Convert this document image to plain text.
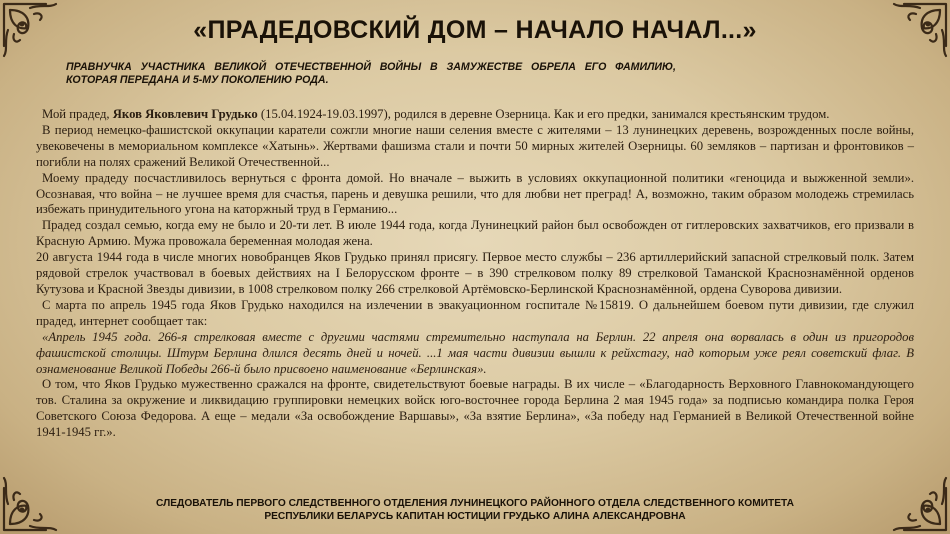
«ПРАДЕДОВСКИЙ ДОМ – НАЧАЛО НАЧАЛ...»
ПРАВНУЧКА УЧАСТНИКА ВЕЛИКОЙ ОТЕЧЕСТВЕННОЙ ВОЙНЫ В ЗАМУЖЕСТВЕ ОБРЕЛА ЕГО ФАМИЛИЮ, КОТОРАЯ ПЕРЕДАНА И 5-МУ ПОКОЛЕНИЮ РОДА.

Мой прадед, Яков Яковлевич Грудько (15.04.1924-19.03.1997), родился в деревне Озерница. Как и его предки, занимался крестьянским трудом.

В период немецко-фашистской оккупации каратели сожгли многие наши селения вместе с жителями – 13 лунинецких деревень, возрожденных после войны, увековечены в мемориальном комплексе «Хатынь». Жертвами фашизма стали и почти 50 мирных жителей Озерницы. 60 земляков – партизан и фронтовиков – погибли на полях сражений Великой Отечественной...

Моему прадеду посчастливилось вернуться с фронта домой. Но вначале – выжить в условиях оккупационной политики «геноцида и выжженной земли». Осознавая, что война – не лучшее время для счастья, парень и девушка решили, что для любви нет преград! А, возможно, таким образом молодежь стремилась избежать принудительного угона на каторжный труд в Германию...

Прадед создал семью, когда ему не было и 20-ти лет. В июле 1944 года, когда Лунинецкий район был освобожден от гитлеровских захватчиков, его призвали в Красную Армию. Мужа провожала беременная молодая жена.

20 августа 1944 года в числе многих новобранцев Яков Грудько принял присягу. Первое место службы – 236 артиллерийский запасной стрелковый полк. Затем рядовой стрелок участвовал в боевых действиях на I Белорусском фронте – в 390 стрелковом полку 89 стрелковой Таманской Краснознамённой орденов Кутузова и Красной Звезды дивизии, в 1008 стрелковом полку 266 стрелковой Артёмовско-Берлинской Краснознамённой, ордена Суворова дивизии.

С марта по апрель 1945 года Яков Грудько находился на излечении в эвакуационном госпитале №15819. О дальнейшем боевом пути дивизии, где служил прадед, интернет сообщает так:

«Апрель 1945 года. 266-я стрелковая вместе с другими частями стремительно наступала на Берлин. 22 апреля она ворвалась в один из пригородов фашистской столицы. Штурм Берлина длился десять дней и ночей. ...1 мая части дивизии вышли к рейхстагу, над которым уже реял советский флаг. В ознаменование Великой Победы 266-й было присвоено наименование «Берлинская».

О том, что Яков Грудько мужественно сражался на фронте, свидетельствуют боевые награды. В их числе – «Благодарность Верховного Главнокомандующего тов. Сталина за окружение и ликвидацию группировки немецких войск юго-восточнее города Берлина 2 мая 1945 года» за подписью командира полка Героя Советского Союза Федорова. А еще – медали «За освобождение Варшавы», «За взятие Берлина», «За победу над Германией в Великой Отечественной войне 1941-1945 гг.».

СЛЕДОВАТЕЛЬ ПЕРВОГО СЛЕДСТВЕННОГО ОТДЕЛЕНИЯ ЛУНИНЕЦКОГО РАЙОННОГО ОТДЕЛА СЛЕДСТВЕННОГО КОМИТЕТА
РЕСПУБЛИКИ БЕЛАРУСЬ КАПИТАН ЮСТИЦИИ ГРУДЬКО АЛИНА АЛЕКСАНДРОВНА
